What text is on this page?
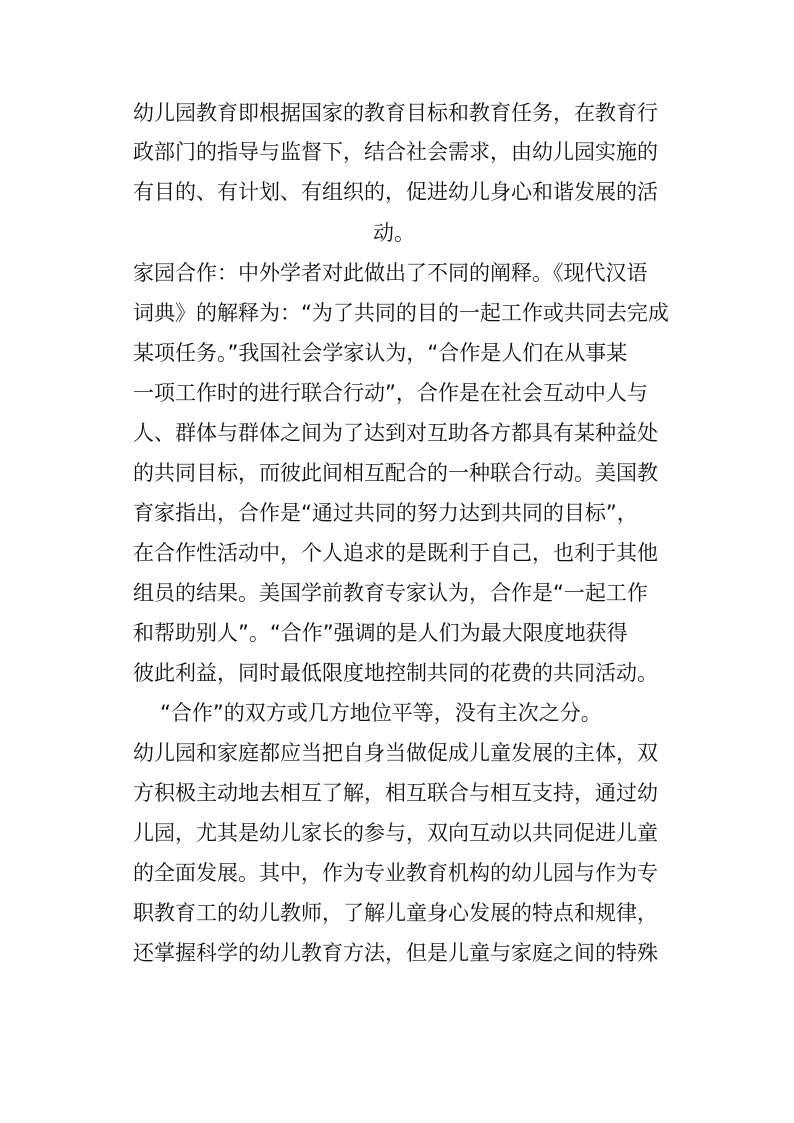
幼儿园教育即根据国家的教育目标和教育任务，在教育行

政部门的指导与监督下，结合社会需求，由幼儿园实施的

有目的、有计划、有组织的，促进幼儿身心和谐发展的活

动。

家园合作：中外学者对此做出了不同的阐释。《现代汉语

词典》的解释为：“为了共同的目的一起工作或共同去完成

某项任务。”我国社会学家认为，“合作是人们在从事某

一项工作时的进行联合行动”，合作是在社会互动中人与

人、群体与群体之间为了达到对互助各方都具有某种益处

的共同目标，而彼此间相互配合的一种联合行动。美国教

育家指出，合作是“通过共同的努力达到共同的目标”，

在合作性活动中，个人追求的是既利于自己，也利于其他

组员的结果。美国学前教育专家认为，合作是“一起工作

和帮助别人”。“合作”强调的是人们为最大限度地获得

彼此利益，同时最低限度地控制共同的花费的共同活动。

“合作”的双方或几方地位平等，没有主次之分。

幼儿园和家庭都应当把自身当做促成儿童发展的主体，双

方积极主动地去相互了解，相互联合与相互支持，通过幼

儿园，尤其是幼儿家长的参与，双向互动以共同促进儿童

的全面发展。其中，作为专业教育机构的幼儿园与作为专

职教育工的幼儿教师，了解儿童身心发展的特点和规律，

还掌握科学的幼儿教育方法，但是儿童与家庭之间的特殊
